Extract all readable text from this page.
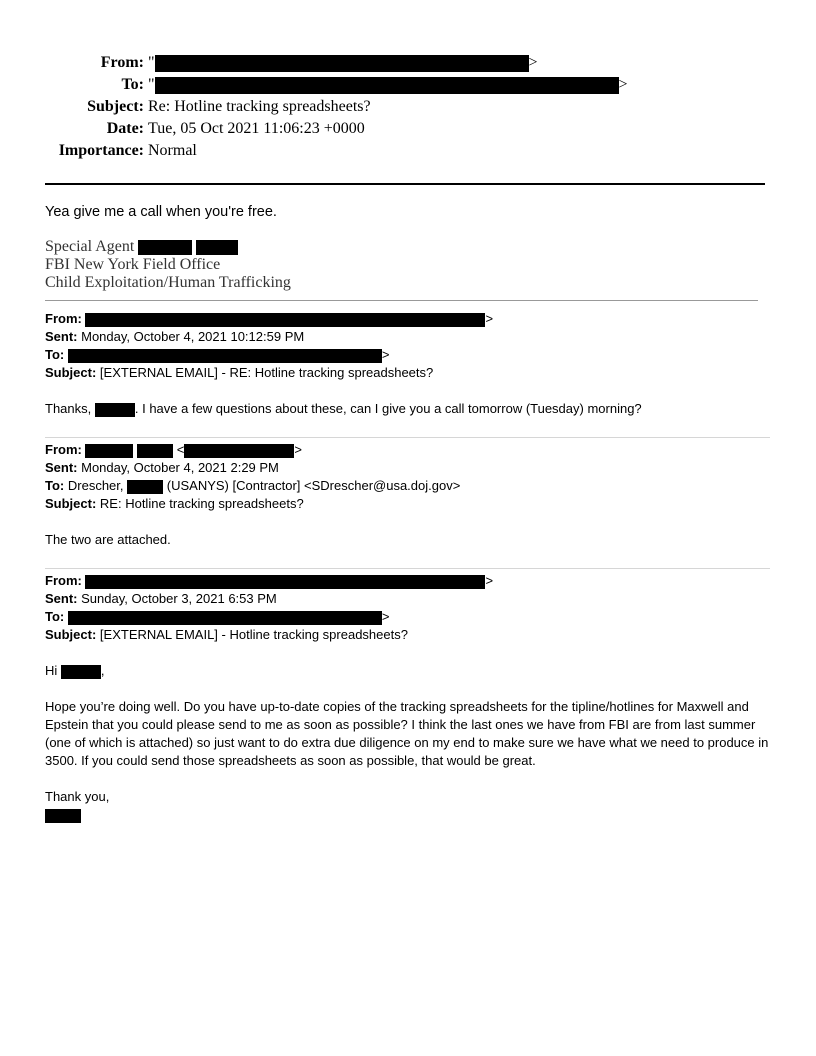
From: "	>
To: "	>
Subject: Re: Hotline tracking spreadsheets?
Date: Tue, 05 Oct 2021 11:06:23 +0000
Importance: Normal
Yea give me a call when you're free.
Special Agent
FBI New York Field Office
Child Exploitation/Human Trafficking
From:	>
Sent: Monday, October 4, 2021 10:12:59 PM
To:	>
Subject: [EXTERNAL EMAIL] - RE: Hotline tracking spreadsheets?
Thanks,	. I have a few questions about these, can I give you a call tomorrow (Tuesday) morning?
From:	<	>
Sent: Monday, October 4, 2021 2:29 PM
To: Drescher,	(USANYS) [Contractor] <SDrescher@usa.doj.gov>
Subject: RE: Hotline tracking spreadsheets?
The two are attached.
From:	>
Sent: Sunday, October 3, 2021 6:53 PM
To:	>
Subject: [EXTERNAL EMAIL] - Hotline tracking spreadsheets?
Hi	,
Hope you’re doing well. Do you have up-to-date copies of the tracking spreadsheets for the tipline/hotlines for Maxwell and Epstein that you could please send to me as soon as possible? I think the last ones we have from FBI are from last summer (one of which is attached) so just want to do extra due diligence on my end to make sure we have what we need to produce in 3500. If you could send those spreadsheets as soon as possible, that would be great.
Thank you,
